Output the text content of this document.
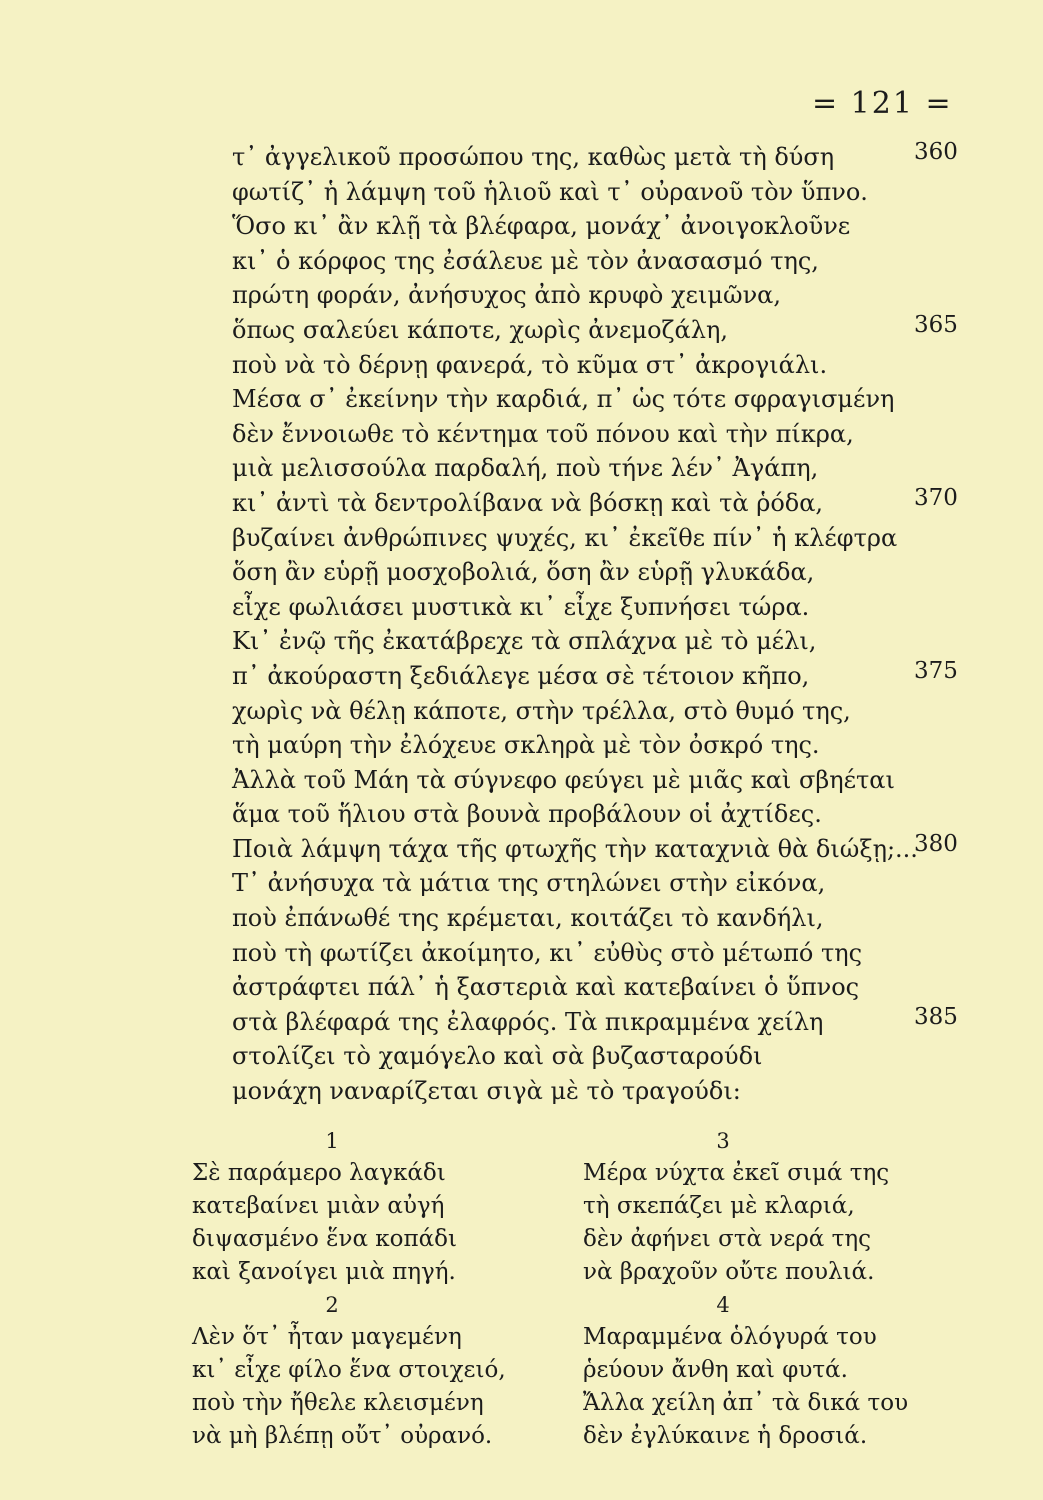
= 121 =
τ᾽ ἀγγελικοῦ προσώπου της, καθὼς μετὰ τὴ δύση	360
φωτίζ᾽ ἡ λάμψη τοῦ ἡλιοῦ καὶ τ᾽ οὐρανοῦ τὸν ὕπνο.
Ὅσο κι᾽ ἂν κλῇ τὰ βλέφαρα, μονάχ᾽ ἀνοιγοκλοῦνε
κι᾽ ὁ κόρφος της ἐσάλευε μὲ τὸν ἀνασασμό της,
πρώτη φοράν, ἀνήσυχος ἀπὸ κρυφὸ χειμῶνα,
ὅπως σαλεύει κάποτε, χωρὶς ἀνεμοζάλη,	365
ποὺ νὰ τὸ δέρνῃ φανερά, τὸ κῦμα στ᾽ ἀκρογιάλι.
Μέσα σ᾽ ἐκείνην τὴν καρδιά, π᾽ ὡς τότε σφραγισμένη
δὲν ἔννοιωθε τὸ κέντημα τοῦ πόνου καὶ τὴν πίκρα,
μιὰ μελισσούλα παρδαλή, ποὺ τήνε λέν᾽ Ἀγάπη,
κι᾽ ἀντὶ τὰ δεντρολίβανα νὰ βόσκῃ καὶ τὰ ῥόδα,	370
βυζαίνει ἀνθρώπινες ψυχές, κι᾽ ἐκεῖθε πίν᾽ ἡ κλέφτρα
ὅση ἂν εὑρῇ μοσχοβολιά, ὅση ἂν εὑρῇ γλυκάδα,
εἶχε φωλιάσει μυστικὰ κι᾽ εἶχε ξυπνήσει τώρα.
Κι᾽ ἐνῷ τῆς ἐκατάβρεχε τὰ σπλάχνα μὲ τὸ μέλι,
π᾽ ἀκούραστη ξεδιάλεγε μέσα σὲ τέτοιον κῆπο,	375
χωρὶς νὰ θέλῃ κάποτε, στὴν τρέλλα, στὸ θυμό της,
τὴ μαύρη τὴν ἐλόχευε σκληρὰ μὲ τὸν ὀσκρό της.
Ἀλλὰ τοῦ Μάη τὰ σύγνεφο φεύγει μὲ μιᾶς καὶ σβηέται
ἅμα τοῦ ἥλιου στὰ βουνὰ προβάλουν οἱ ἀχτίδες.
Ποιὰ λάμψη τάχα τῆς φτωχῆς τὴν καταχνιὰ θὰ διώξῃ;...
380
Τ᾽ ἀνήσυχα τὰ μάτια της στηλώνει στὴν εἰκόνα,
ποὺ ἐπάνωθέ της κρέμεται, κοιτάζει τὸ κανδήλι,
ποὺ τὴ φωτίζει ἀκοίμητο, κι᾽ εὐθὺς στὸ μέτωπό της
ἀστράφτει πάλ᾽ ἡ ξαστεριὰ καὶ κατεβαίνει ὁ ὕπνος
στὰ βλέφαρά της ἐλαφρός. Τὰ πικραμμένα χείλη	385
στολίζει τὸ χαμόγελο καὶ σὰ βυζασταρούδι
μονάχη ναναρίζεται σιγὰ μὲ τὸ τραγούδι:
1
Σὲ παράμερο λαγκάδι
κατεβαίνει μιὰν αὐγή
διψασμένο ἕνα κοπάδι
καὶ ξανοίγει μιὰ πηγή.
2
Λὲν ὅτ᾽ ἦταν μαγεμένη
κι᾽ εἶχε φίλο ἕνα στοιχειό,
ποὺ τὴν ἤθελε κλεισμένη
νὰ μὴ βλέπῃ οὔτ᾽ οὐρανό.
3
Μέρα νύχτα ἐκεῖ σιμά της
τὴ σκεπάζει μὲ κλαριά,
δὲν ἀφήνει στὰ νερά της
νὰ βραχοῦν οὔτε πουλιά.
4
Μαραμμένα ὁλόγυρά του
ῥεύουν ἄνθη καὶ φυτά.
Ἄλλα χείλη ἀπ᾽ τὰ δικά του
δὲν ἐγλύκαινε ἡ δροσιά.
